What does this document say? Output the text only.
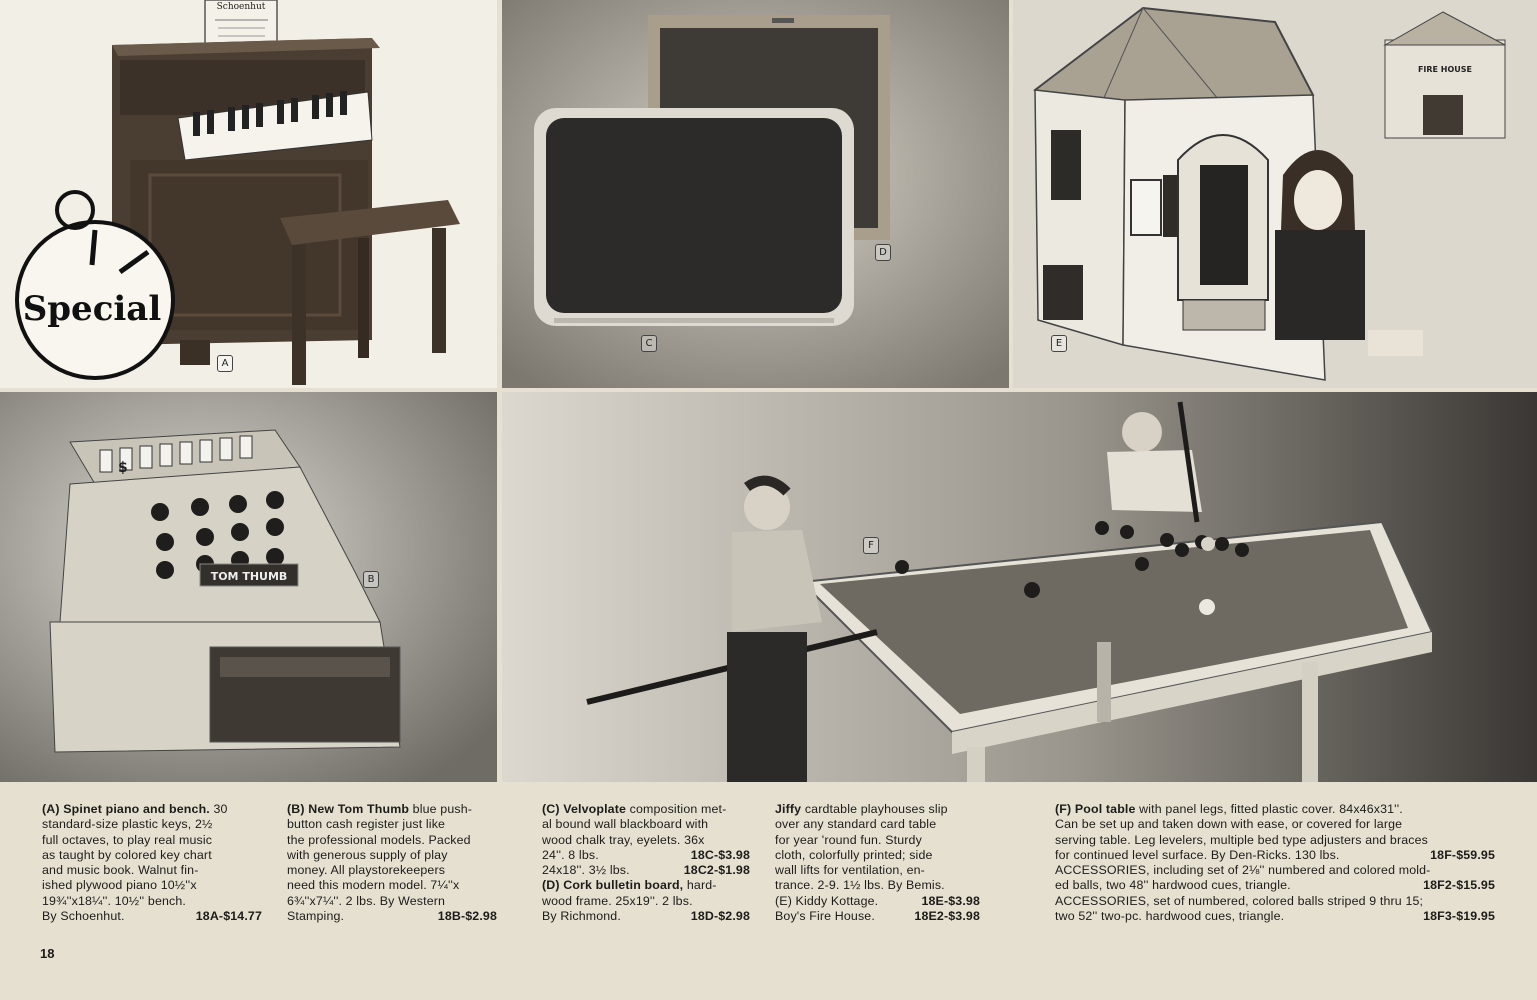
Schoenhut
Special
A
D
C
FIRE HOUSE
E
$
TOM THUMB	B
F
(A) Spinet piano and bench. 30
standard-size plastic keys, 2½
full octaves, to play real music
as taught by colored key chart
and music book. Walnut fin-
ished plywood piano 10½''x
19¾''x18¼''. 10½'' bench.
By Schoenhut.	18A-$14.77
(B) New Tom Thumb blue push-
button cash register just like
the professional models. Packed
with generous supply of play
money. All playstorekeepers
need this modern model. 7¼''x
6¾''x7¼''. 2 lbs. By Western
Stamping.	18B-$2.98
(C) Velvoplate composition met-
al bound wall blackboard with
wood chalk tray, eyelets. 36x
24''. 8 lbs.	18C-$3.98
24x18''. 3½ lbs.	18C2-$1.98
(D) Cork bulletin board, hard-
wood frame. 25x19''. 2 lbs.
By Richmond.	18D-$2.98
Jiffy cardtable playhouses slip
over any standard card table
for year 'round fun. Sturdy
cloth, colorfully printed; side
wall lifts for ventilation, en-
trance. 2-9. 1½ lbs. By Bemis.
(E) Kiddy Kottage.	18E-$3.98
Boy's Fire House.	18E2-$3.98
(F) Pool table with panel legs, fitted plastic cover. 84x46x31''.
Can be set up and taken down with ease, or covered for large
serving table. Leg levelers, multiple bed type adjusters and braces
for continued level surface. By Den-Ricks. 130 lbs.	18F-$59.95
ACCESSORIES, including set of 2⅛'' numbered and colored mold-
ed balls, two 48'' hardwood cues, triangle.	18F2-$15.95
ACCESSORIES, set of numbered, colored balls striped 9 thru 15;
two 52'' two-pc. hardwood cues, triangle.	18F3-$19.95
18
